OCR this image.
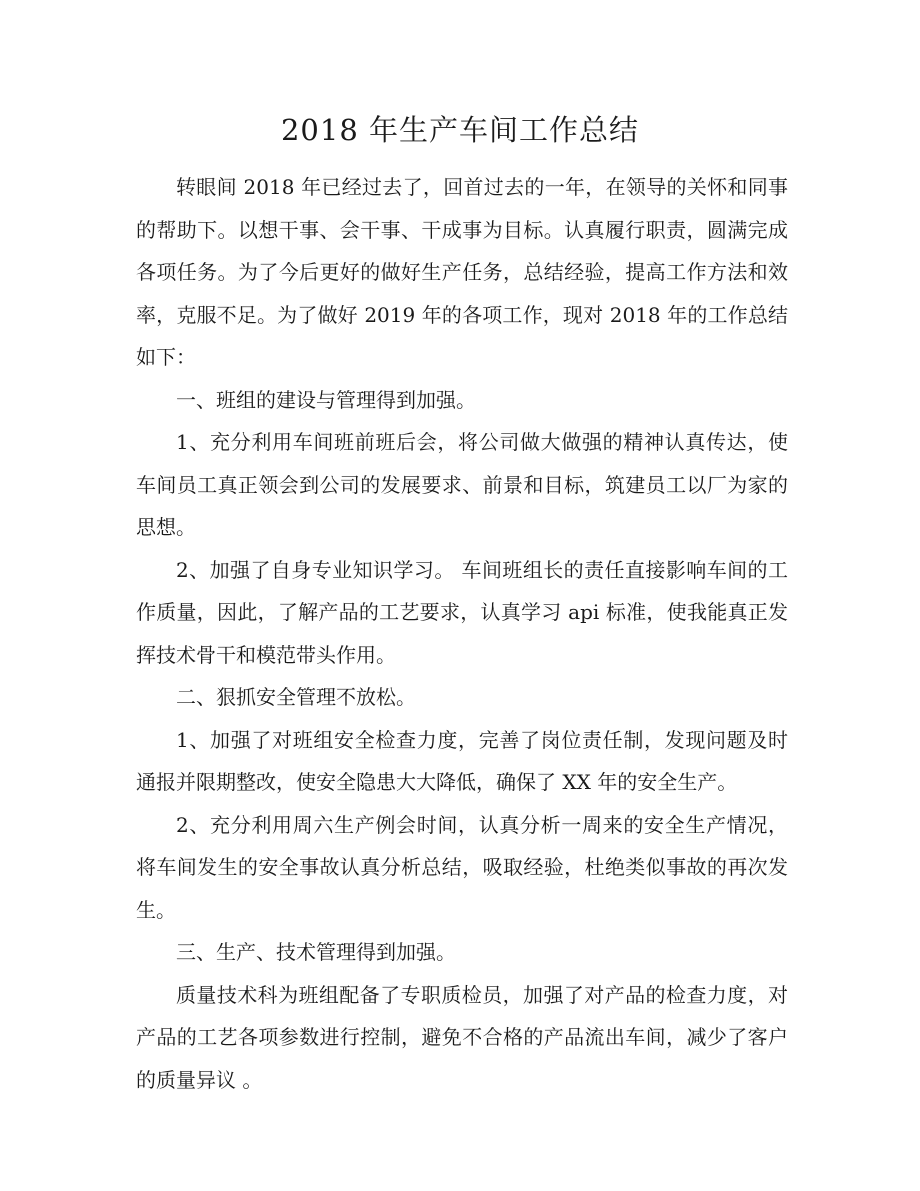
2018 年生产车间工作总结

转眼间 2018 年已经过去了，回首过去的一年，在领导的关怀和同事的帮助下。以想干事、会干事、干成事为目标。认真履行职责，圆满完成各项任务。为了今后更好的做好生产任务，总结经验，提高工作方法和效率，克服不足。为了做好 2019 年的各项工作，现对 2018 年的工作总结如下：

一、班组的建设与管理得到加强。

1、充分利用车间班前班后会，将公司做大做强的精神认真传达，使车间员工真正领会到公司的发展要求、前景和目标，筑建员工以厂为家的思想。

2、加强了自身专业知识学习。 车间班组长的责任直接影响车间的工作质量，因此，了解产品的工艺要求，认真学习 api 标准，使我能真正发挥技术骨干和模范带头作用。

二、狠抓安全管理不放松。

1、加强了对班组安全检查力度，完善了岗位责任制，发现问题及时通报并限期整改，使安全隐患大大降低，确保了 XX 年的安全生产。

2、充分利用周六生产例会时间，认真分析一周来的安全生产情况，将车间发生的安全事故认真分析总结，吸取经验，杜绝类似事故的再次发生。

三、生产、技术管理得到加强。

质量技术科为班组配备了专职质检员，加强了对产品的检查力度，对产品的工艺各项参数进行控制，避免不合格的产品流出车间，减少了客户的质量异议 。
